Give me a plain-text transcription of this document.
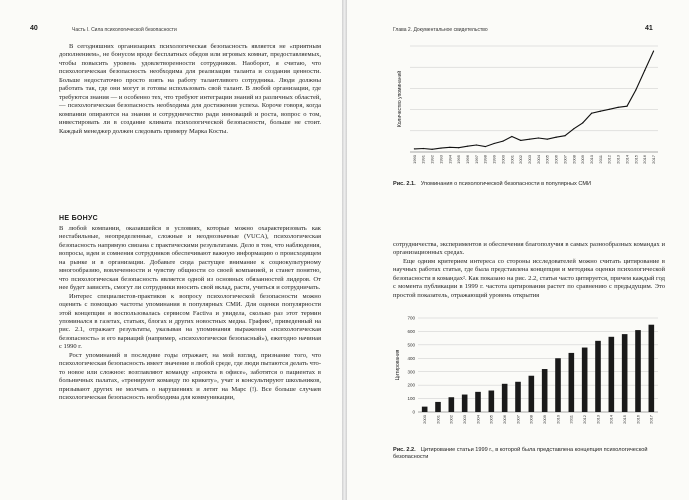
40	Часть I. Сила психологической безопасности

В сегодняшних организациях психологическая безопасность является не «приятным дополнением», не бонусом вроде бесплатных обедов или игровых комнат, предоставляемых, чтобы повысить уровень удовлетворенности сотрудников. Наоборот, я считаю, что психологическая безопасность необходима для реализации таланта и создания ценности. Больше недостаточно просто взять на работу талантливого сотрудника. Люди должны работать так, где они могут и готовы использовать свой талант. В любой организации, где требуются знания — и особенно тех, что требуют интеграции знаний из различных областей, — психологическая безопасность необходима для достижения успеха. Короче говоря, когда компании опираются на знания и сотрудничество ради инноваций и роста, вопрос о том, инвестировать ли в создание климата психологической безопасности, больше не стоит. Каждый менеджер должен следовать примеру Марка Косты.

НЕ БОНУС

В любой компании, оказавшейся в условиях, которые можно охарактеризовать как нестабильные, неопределенные, сложные и неоднозначные (VUCA), психологическая безопасность напрямую связана с практическими результатами. Дело в том, что наблюдения, вопросы, идеи и сомнения сотрудников обеспечивают важную информацию о происходящем на рынке и в организации. Добавьте сюда растущее внимание к социокультурному многообразию, вовлеченности и чувству общности со своей компанией, и станет понятно, что психологическая безопасность является одной из основных обязанностей лидеров. От нее будет зависеть, смогут ли сотрудники вносить свой вклад, расти, учиться и сотрудничать.

Интерес специалистов-практиков к вопросу психологической безопасности можно оценить с помощью частоты упоминания в популярных СМИ. Для оценки популярности этой концепции я воспользовалась сервисом Factiva и увидела, сколько раз этот термин упоминался в газетах, статьях, блогах и других новостных медиа. График¹, приведенный на рис. 2.1, отражает результаты, указывая на упоминания выражения «психологическая безопасность» и его вариаций (например, «психологически безопасный»), ежегодно начиная с 1990 г.

Рост упоминаний в последние годы отражает, на мой взгляд, признание того, что психологическая безопасность имеет значение в любой среде, где люди пытаются делать что-то новое или сложное: возглавляют команду «проекта в офисе», заботятся о пациентах в больничных палатах, «тренируют команду по крикету», учат и консультируют школьников, призывают других не молчать о нарушениях и летят на Марс (!). Все больше случаев психологическая безопасность необходима для коммуникации,

Глава 2. Документальное свидетельство	41
Количество упоминаний
1990 1991 1992 1993 1994 1995 1996 1997 1998 1999 2000 2001 2002 2003 2004 2005 2006 2007 2008 2009 2010 2011 2012 2013 2014 2015 2016 2017
Рис. 2.1. Упоминания о психологической безопасности в популярных СМИ

сотрудничества, экспериментов и обеспечения благополучия в самых разнообразных командах и организационных средах.

Еще одним критерием интереса со стороны исследователей можно считать цитирование в научных работах статьи, где была представлена концепция и методика оценки психологической безопасности в командах². Как показано на рис. 2.2, статья часто цитируется, причем каждый год с момента публикации в 1999 г. частота цитирования растет по сравнению с предыдущим. Это простой показатель, отражающий уровень открытия

0
100
200
300
400
500
600
700
Цитирования
2000 2001 2002 2003 2004 2005 2006 2007 2008 2009 2010 2011 2012 2013 2014 2015 2016 2017
Рис. 2.2. Цитирование статьи 1999 г., в которой была представлена концепция психологической безопасности
